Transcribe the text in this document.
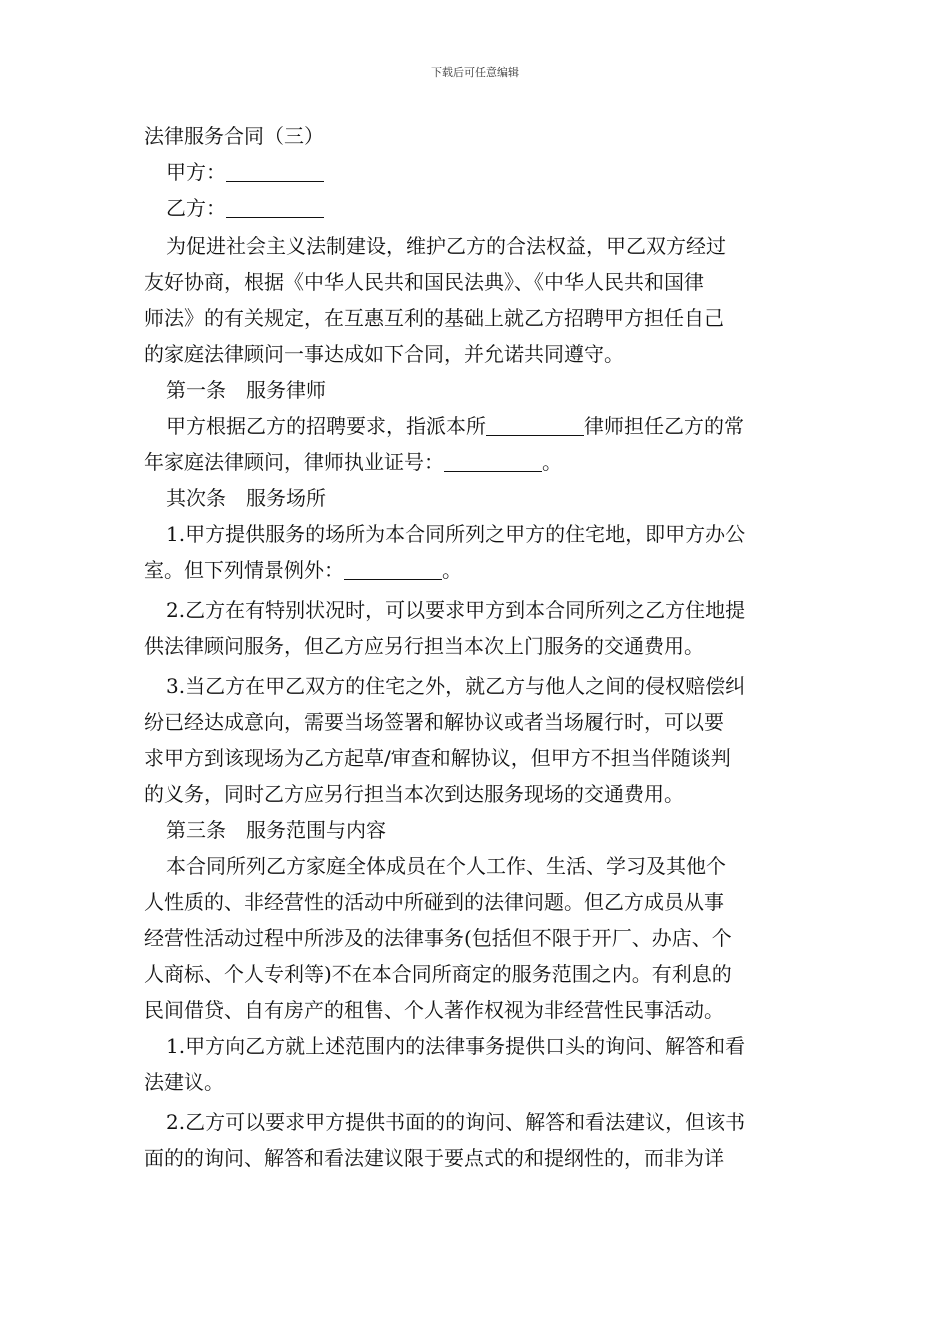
下载后可任意编辑
法律服务合同（三）
甲方：
乙方：
为促进社会主义法制建设，维护乙方的合法权益，甲乙双方经过
友好协商，根据《中华人民共和国民法典》、《中华人民共和国律
师法》的有关规定，在互惠互利的基础上就乙方招聘甲方担任自己
的家庭法律顾问一事达成如下合同，并允诺共同遵守。
第一条　服务律师
甲方根据乙方的招聘要求，指派本所	律师担任乙方的常
年家庭法律顾问，律师执业证号：	。
其次条　服务场所
1.甲方提供服务的场所为本合同所列之甲方的住宅地，即甲方办公
室。但下列情景例外：	。
2.乙方在有特别状况时，可以要求甲方到本合同所列之乙方住地提
供法律顾问服务，但乙方应另行担当本次上门服务的交通费用。
3.当乙方在甲乙双方的住宅之外，就乙方与他人之间的侵权赔偿纠
纷已经达成意向，需要当场签署和解协议或者当场履行时，可以要
求甲方到该现场为乙方起草/审查和解协议，但甲方不担当伴随谈判
的义务，同时乙方应另行担当本次到达服务现场的交通费用。
第三条　服务范围与内容
本合同所列乙方家庭全体成员在个人工作、生活、学习及其他个
人性质的、非经营性的活动中所碰到的法律问题。但乙方成员从事
经营性活动过程中所涉及的法律事务(包括但不限于开厂、办店、个
人商标、个人专利等)不在本合同所商定的服务范围之内。有利息的
民间借贷、自有房产的租售、个人著作权视为非经营性民事活动。
1.甲方向乙方就上述范围内的法律事务提供口头的询问、解答和看
法建议。
2.乙方可以要求甲方提供书面的的询问、解答和看法建议，但该书
面的的询问、解答和看法建议限于要点式的和提纲性的，而非为详
